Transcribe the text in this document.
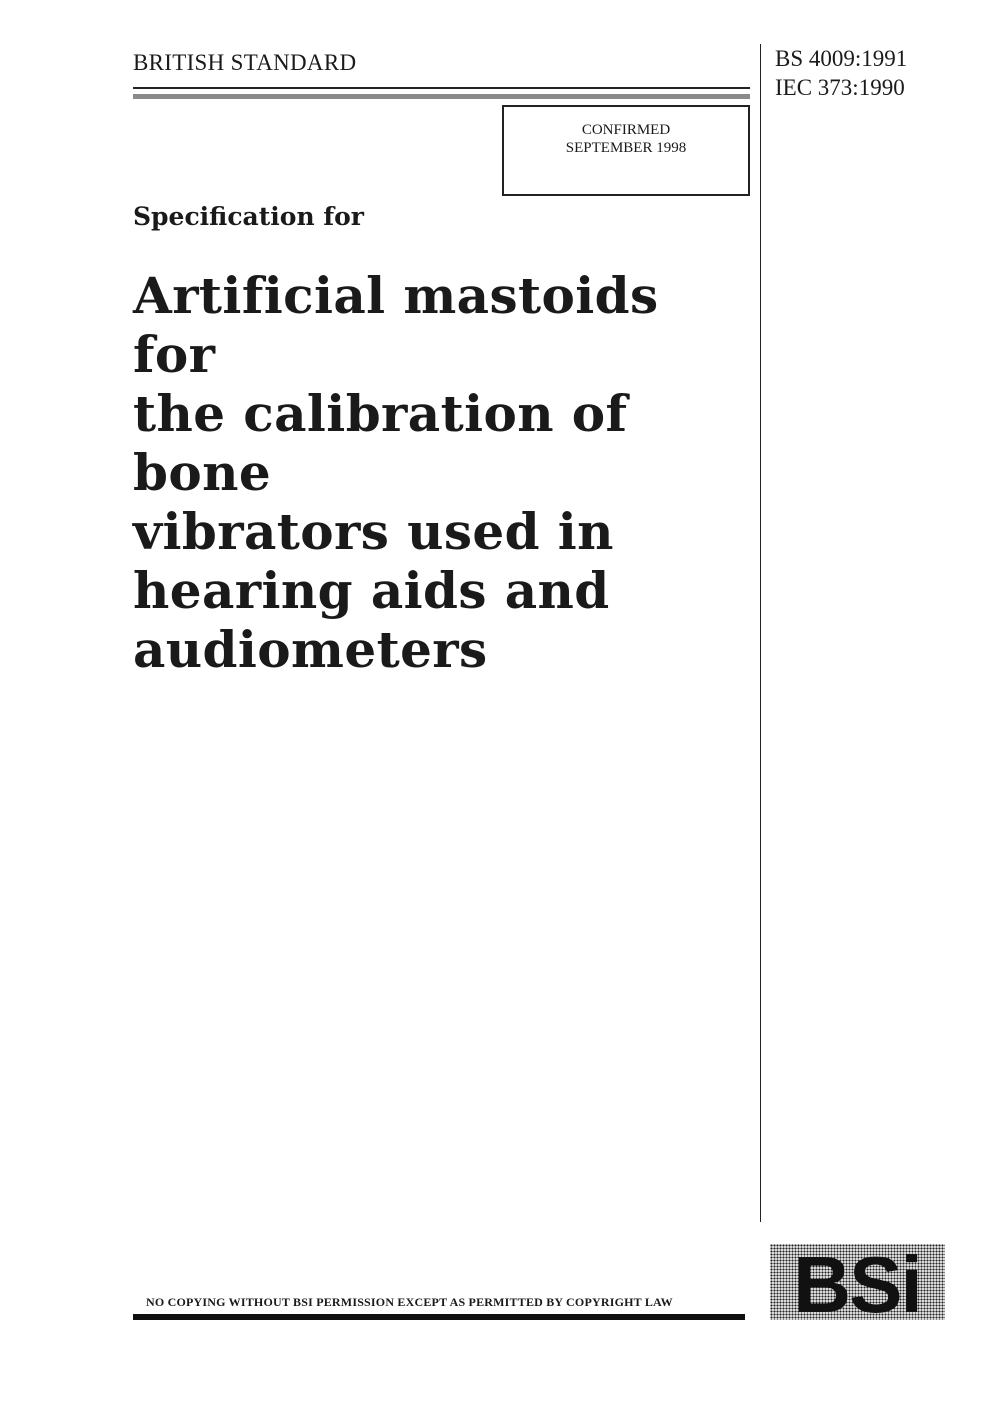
BRITISH STANDARD	BS 4009:1991
IEC 373:1990
CONFIRMED
SEPTEMBER 1998
Specification for
Artificial mastoids for
the calibration of bone
vibrators used in
hearing aids and
audiometers
NO COPYING WITHOUT BSI PERMISSION EXCEPT AS PERMITTED BY COPYRIGHT LAW BSi
